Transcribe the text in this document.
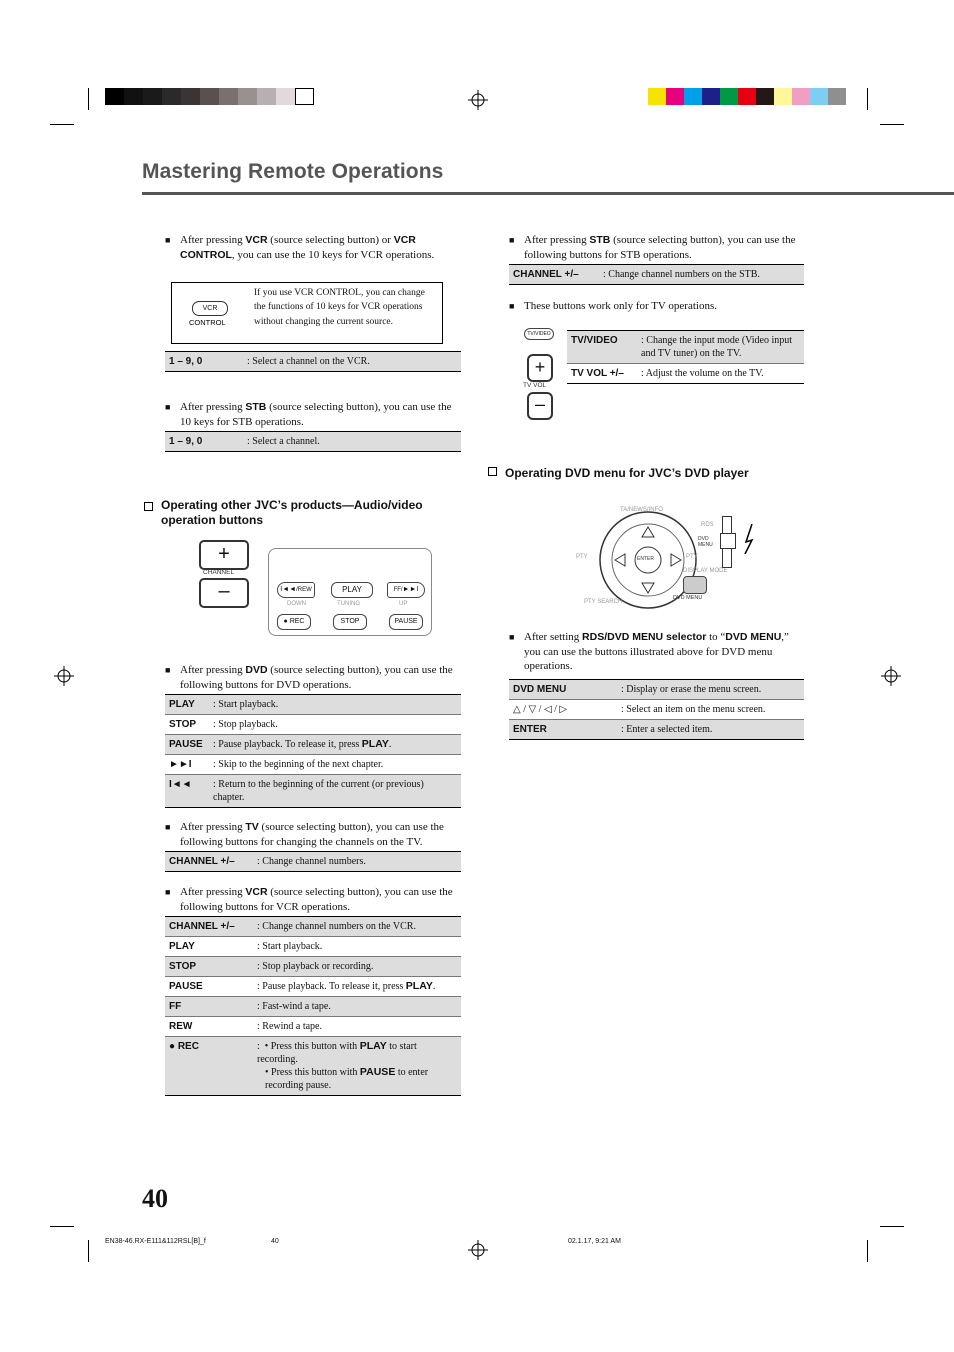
Mastering Remote Operations
■ After pressing VCR (source selecting button) or VCR CONTROL, you can use the 10 keys for VCR operations.
VCR
CONTROL
If you use VCR CONTROL, you can change the functions of 10 keys for VCR operations without changing the current source.
1 – 9, 0	: Select a channel on the VCR.
■ After pressing STB (source selecting button), you can use the 10 keys for STB operations.
1 – 9, 0	: Select a channel.
Operating other JVC’s products—Audio/video operation buttons
+
CHANNEL
–	I◄◄/REW	PLAY	FF/►►I
DOWN	TUNING	UP
● REC	STOP	PAUSE
■ After pressing DVD (source selecting button), you can use the following buttons for DVD operations.
PLAY	: Start playback.
STOP	: Stop playback.
PAUSE	: Pause playback. To release it, press PLAY.
►►I	: Skip to the beginning of the next chapter.
I◄◄	: Return to the beginning of the current (or previous) chapter.
■ After pressing TV (source selecting button), you can use the following buttons for changing the channels on the TV.
CHANNEL +/–	: Change channel numbers.
■ After pressing VCR (source selecting button), you can use the following buttons for VCR operations.
CHANNEL +/–	: Change channel numbers on the VCR.
PLAY	: Start playback.
STOP	: Stop playback or recording.
PAUSE	: Pause playback. To release it, press PLAY.
FF	: Fast-wind a tape.
REW	: Rewind a tape.
● REC	:  • Press this button with PLAY to start recording.
• Press this button with PAUSE to enter recording pause.
■ After pressing STB (source selecting button), you can use the following buttons for STB operations.
CHANNEL +/–	: Change channel numbers on the STB.
■ These buttons work only for TV operations.
TV/VIDEO
+
TV VOL
–
TV/VIDEO	: Change the input mode (Video input and TV tuner) on the TV.
TV VOL +/–	: Adjust the volume on the TV.
Operating DVD menu for JVC’s DVD player
ENTER
TA/NEWS/INFO
RDS
DVD MENU
PTY	PTY
DISPLAY MODE
PTY SEARCH
DVD MENU
■ After setting RDS/DVD MENU selector to “DVD MENU,” you can use the buttons illustrated above for DVD menu operations.
DVD MENU	: Display or erase the menu screen.
△ / ▽ / ◁ / ▷	: Select an item on the menu screen.
ENTER	: Enter a selected item.
40
EN38-46.RX-E111&112RSL[B]_f	40	02.1.17, 9:21 AM
